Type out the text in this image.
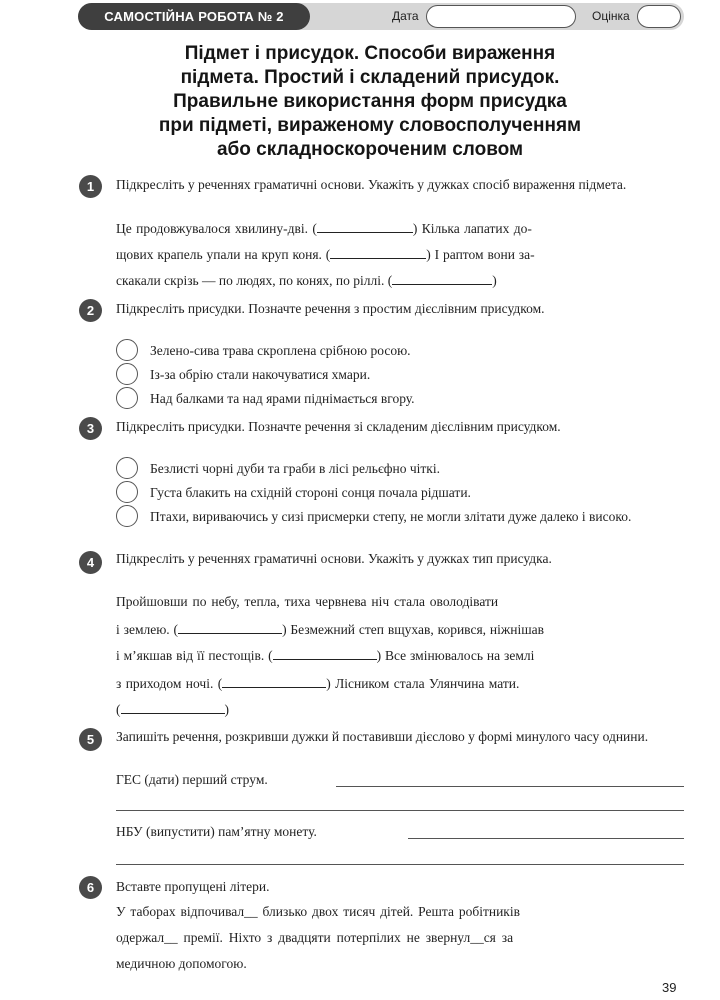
САМОСТІЙНА РОБОТА № 2	Дата	Оцінка
Підмет і присудок. Способи вираження
підмета. Простий і складений присудок.
Правильне використання форм присудка
при підметі, вираженому словосполученням
або складноскороченим словом
1	Підкресліть у реченнях граматичні основи. Укажіть у дужках спосіб вираження підмета.
Це продовжувалося хвилину-дві. (	) Кілька лапатих до-
щових крапель упали на круп коня. (	) І раптом вони за-
скакали скрізь — по людях, по конях, по ріллі. (	)
2	Підкресліть присудки. Позначте речення з простим дієслівним присудком.
Зелено-сива трава скроплена срібною росою.
Із-за обрію стали накочуватися хмари.
Над балками та над ярами піднімається вгору.
3	Підкресліть присудки. Позначте речення зі складеним дієслівним присудком.
Безлисті чорні дуби та граби в лісі рельєфно чіткі.
Густа блакить на східній стороні сонця почала рідшати.
Птахи, вириваючись у сизі присмерки степу, не могли злітати дуже далеко і високо.
4	Підкресліть у реченнях граматичні основи. Укажіть у дужках тип присудка.
Пройшовши по небу, тепла, тиха червнева ніч стала оволодівати
і землею. (	) Безмежний степ вщухав, корився, ніжнішав
і м’якшав від її пестощів. (	) Все змінювалось на землі
з приходом ночі. (	) Лісником стала Улянчина мати.
(	)
5	Запишіть речення, розкривши дужки й поставивши дієслово у формі минулого часу однини.
ГЕС (дати) перший струм.
НБУ (випустити) пам’ятну монету.
6	Вставте пропущені літери.
У таборах відпочивал__ близько двох тисяч дітей. Решта робітників
одержал__ премії. Ніхто з двадцяти потерпілих не звернул__ся за
медичною допомогою.
39
